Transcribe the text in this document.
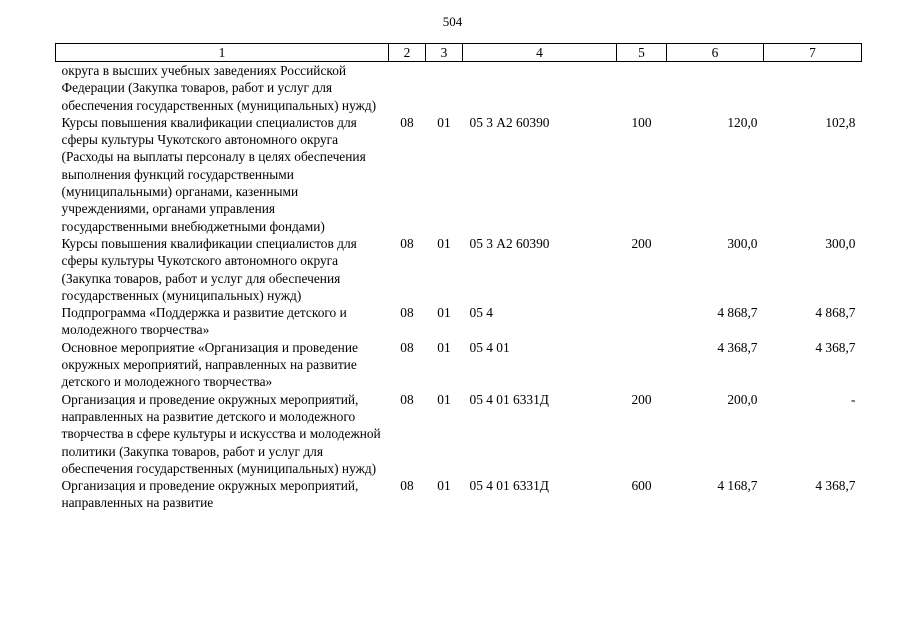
504
1	2	3	4	5	6	7
округа в высших учебных заведениях Российской Федерации (Закупка товаров, работ и услуг для обеспечения государственных (муниципальных) нужд)						
Курсы повышения квалификации специалистов для сферы культуры Чукотского автономного округа (Расходы на выплаты персоналу в целях обеспечения выполнения функций государственными (муниципальными) органами, казенными учреждениями, органами управления государственными внебюджетными фондами)	08	01	05 3 А2 60390	100	120,0	102,8
Курсы повышения квалификации специалистов для сферы культуры Чукотского автономного округа (Закупка товаров, работ и услуг для обеспечения государственных (муниципальных) нужд)	08	01	05 3 А2 60390	200	300,0	300,0
Подпрограмма «Поддержка и развитие детского и молодежного творчества»	08	01	05 4		4 868,7	4 868,7
Основное мероприятие «Организация и проведение окружных мероприятий, направленных на развитие детского и молодежного творчества»	08	01	05 4 01		4 368,7	4 368,7
Организация и проведение окружных мероприятий, направленных на развитие детского и молодежного творчества в сфере культуры и искусства и молодежной политики (Закупка товаров, работ и услуг для обеспечения государственных (муниципальных) нужд)	08	01	05 4 01 6331Д	200	200,0	-
Организация и проведение окружных мероприятий, направленных на развитие	08	01	05 4 01 6331Д	600	4 168,7	4 368,7
